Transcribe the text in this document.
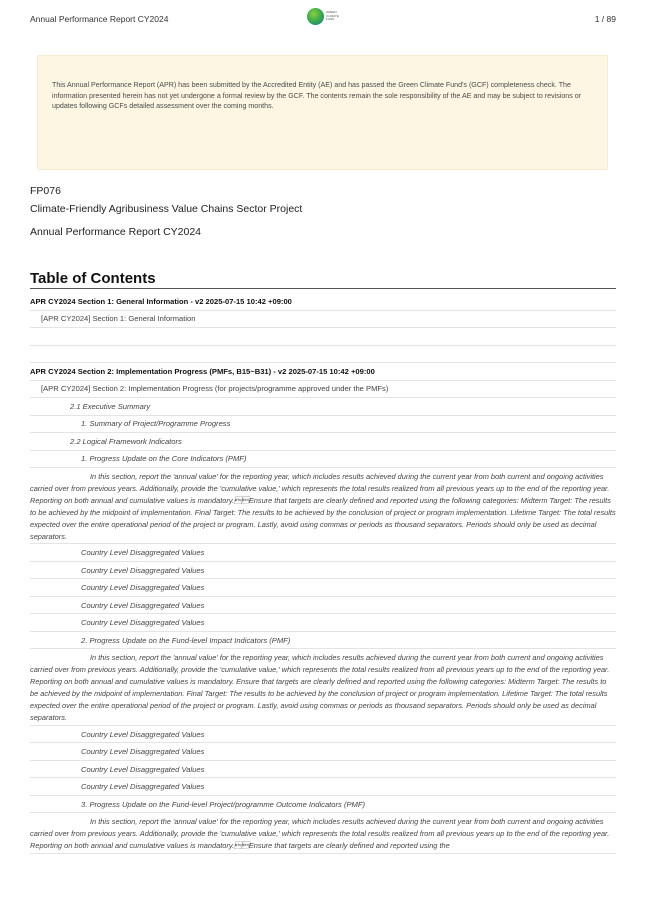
Annual Performance Report CY2024	1 / 89
GREEN CLIMATE FUND
This Annual Performance Report (APR) has been submitted by the Accredited Entity (AE) and has passed the Green Climate Fund's (GCF) completeness check. The information presented herein has not yet undergone a formal review by the GCF. The contents remain the sole responsibility of the AE and may be subject to revisions or updates following GCFs detailed assessment over the coming months.
FP076
Climate-Friendly Agribusiness Value Chains Sector Project
Annual Performance Report CY2024
Table of Contents
APR CY2024 Section 1: General Information - v2 2025-07-15 10:42 +09:00
[APR CY2024] Section 1: General Information
APR CY2024 Section 2: Implementation Progress (PMFs, B15~B31) - v2 2025-07-15 10:42 +09:00
[APR CY2024] Section 2: Implementation Progress (for projects/programme approved under the PMFs)
2.1 Executive Summary
1. Summary of Project/Programme Progress
2.2 Logical Framework Indicators
1. Progress Update on the Core Indicators (PMF)
In this section, report the 'annual value' for the reporting year, which includes results achieved during the current year from both current and ongoing activities carried over from previous years. Additionally, provide the 'cumulative value,' which represents the total results realized from all previous years up to the end of the reporting year. Reporting on both annual and cumulative values is mandatory.Ensure that targets are clearly defined and reported using the following categories: Midterm Target: The results to be achieved by the midpoint of implementation. Final Target: The results to be achieved by the conclusion of project or program implementation. Lifetime Target: The total results expected over the entire operational period of the project or program. Lastly, avoid using commas or periods as thousand separators. Periods should only be used as decimal separators.
Country Level Disaggregated Values
Country Level Disaggregated Values
Country Level Disaggregated Values
Country Level Disaggregated Values
Country Level Disaggregated Values
2. Progress Update on the Fund-level Impact Indicators (PMF)
In this section, report the 'annual value' for the reporting year, which includes results achieved during the current year from both current and ongoing activities carried over from previous years. Additionally, provide the 'cumulative value,' which represents the total results realized from all previous years up to the end of the reporting year. Reporting on both annual and cumulative values is mandatory. Ensure that targets are clearly defined and reported using the following categories: Midterm Target: The results to be achieved by the midpoint of implementation. Final Target: The results to be achieved by the conclusion of project or program implementation. Lifetime Target: The total results expected over the entire operational period of the project or program. Lastly, avoid using commas or periods as thousand separators. Periods should only be used as decimal separators.
Country Level Disaggregated Values
Country Level Disaggregated Values
Country Level Disaggregated Values
Country Level Disaggregated Values
3. Progress Update on the Fund-level Project/programme Outcome Indicators (PMF)
In this section, report the 'annual value' for the reporting year, which includes results achieved during the current year from both current and ongoing activities carried over from previous years. Additionally, provide the 'cumulative value,' which represents the total results realized from all previous years up to the end of the reporting year. Reporting on both annual and cumulative values is mandatory.Ensure that targets are clearly defined and reported using the
